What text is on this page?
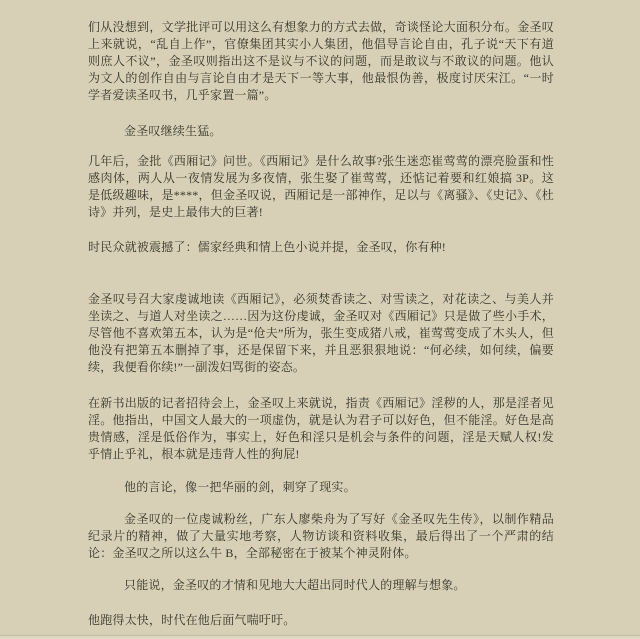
们从没想到，文学批评可以用这么有想象力的方式去做，奇谈怪论大面积分布。金圣叹上来就说，“乱自上作”，官僚集团其实小人集团，他倡导言论自由，孔子说“天下有道则庶人不议”，金圣叹则指出这不是议与不议的问题，而是敢议与不敢议的问题。他认为文人的创作自由与言论自由才是天下一等大事，他最恨伪善，极度讨厌宋江。“一时学者爱读圣叹书，几乎家置一篇”。

金圣叹继续生猛。

几年后，金批《西厢记》问世。《西厢记》是什么故事?张生迷恋崔莺莺的漂亮脸蛋和性感肉体，两人从一夜情发展为多夜情，张生娶了崔莺莺，还惦记着要和红娘搞 3P。这是低级趣味，是****，但金圣叹说，西厢记是一部神作，足以与《离骚》、《史记》、《杜诗》并列，是史上最伟大的巨著!

时民众就被震撼了：儒家经典和情上色小说并提，金圣叹，你有种!

金圣叹号召大家虔诚地读《西厢记》，必须焚香读之、对雪读之，对花读之、与美人并坐读之、与道人对坐读之……因为这份虔诚，金圣叹对《西厢记》只是做了些小手术，尽管他不喜欢第五本，认为是“伧夫”所为，张生变成猪八戒，崔莺莺变成了木头人，但他没有把第五本删掉了事，还是保留下来，并且恶狠狠地说：“何必续，如何续，偏要续，我便看你续!”一副泼妇骂街的姿态。

在新书出版的记者招待会上，金圣叹上来就说，指责《西厢记》淫秽的人，那是淫者见淫。他指出，中国文人最大的一项虚伪，就是认为君子可以好色，但不能淫。好色是高贵情感，淫是低俗作为，事实上，好色和淫只是机会与条件的问题，淫是天赋人权!发乎情止乎礼，根本就是违背人性的狗屁!

他的言论，像一把华丽的剑，刺穿了现实。

金圣叹的一位虔诚粉丝，广东人廖柴舟为了写好《金圣叹先生传》，以制作精品纪录片的精神，做了大量实地考察，人物访谈和资料收集，最后得出了一个严肃的结论：金圣叹之所以这么牛 B，全部秘密在于被某个神灵附体。

只能说，金圣叹的才情和见地大大超出同时代人的理解与想象。

他跑得太快，时代在他后面气喘吁吁。
